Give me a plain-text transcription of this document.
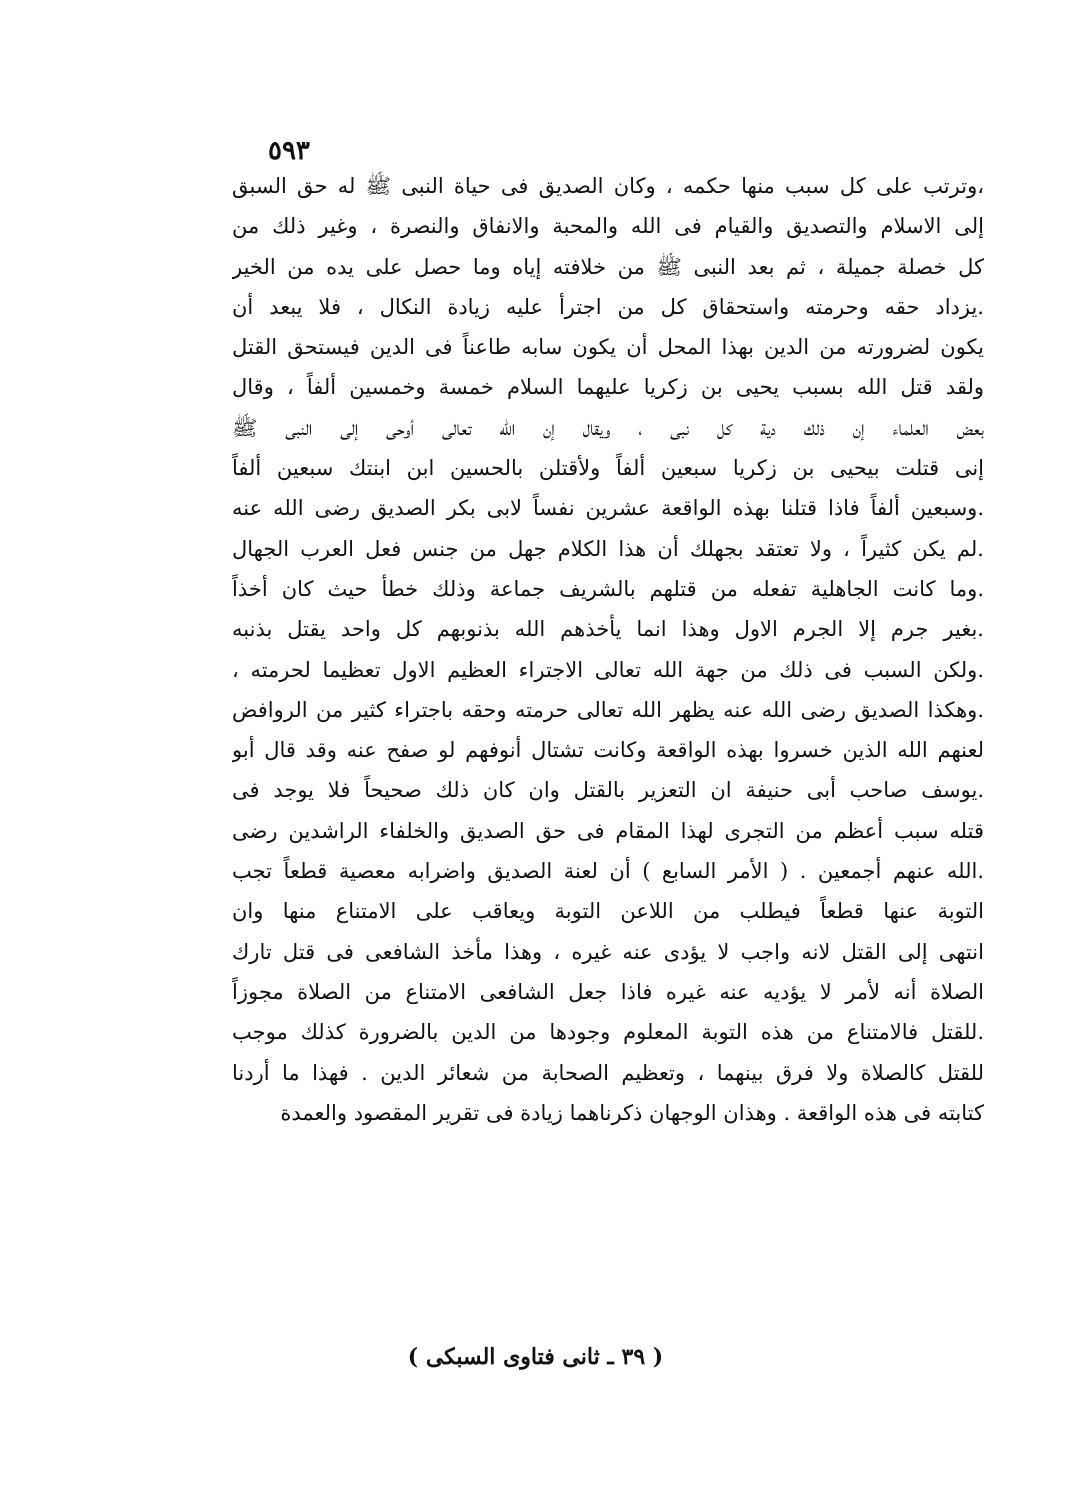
٥٩٣
،وترتب على كل سبب منها حكمه ، وكان الصديق فى حياة النبى ﷺ له حق السبق
إلى الاسلام والتصديق والقيام فى الله والمحبة والانفاق والنصرة ، وغير ذلك من
كل خصلة جميلة ، ثم بعد النبى ﷺ من خلافته إياه وما حصل على يده من الخير
.يزداد حقه وحرمته واستحقاق كل من اجترأ عليه زيادة النكال ، فلا يبعد أن
يكون لضرورته من الدين بهذا المحل أن يكون سابه طاعناً فى الدين فيستحق القتل
ولقد قتل الله بسبب يحيى بن زكريا عليهما السلام خمسة وخمسين ألفاً ، وقال
بعض العلماء إن ذلك دية كل نبى ، ويقال إن الله تعالى أوحى إلى النبى ﷺ
إنى قتلت بيحيى بن زكريا سبعين ألفاً ولأقتلن بالحسين ابن ابنتك سبعين ألفاً
.وسبعين ألفاً فاذا قتلنا بهذه الواقعة عشرين نفساً لابى بكر الصديق رضى الله عنه
.لم يكن كثيراً ، ولا تعتقد بجهلك أن هذا الكلام جهل من جنس فعل العرب الجهال
.وما كانت الجاهلية تفعله من قتلهم بالشريف جماعة وذلك خطأ حيث كان أخذاً
.بغير جرم إلا الجرم الاول وهذا انما يأخذهم الله بذنوبهم كل واحد يقتل بذنبه
.ولكن السبب فى ذلك من جهة الله تعالى الاجتراء العظيم الاول تعظيما لحرمته ،
.وهكذا الصديق رضى الله عنه يظهر الله تعالى حرمته وحقه باجتراء كثير من الروافض
لعنهم الله الذين خسروا بهذه الواقعة وكانت تشتال أنوفهم لو صفح عنه وقد قال أبو
.يوسف صاحب أبى حنيفة ان التعزير بالقتل وان كان ذلك صحيحاً فلا يوجد فى
قتله سبب أعظم من التجرى لهذا المقام فى حق الصديق والخلفاء الراشدين رضى
.الله عنهم أجمعين . ( الأمر السابع ) أن لعنة الصديق واضرابه معصية قطعاً تجب
التوبة عنها قطعاً فيطلب من اللاعن التوبة ويعاقب على الامتناع منها وان
انتهى إلى القتل لانه واجب لا يؤدى عنه غيره ، وهذا مأخذ الشافعى فى قتل تارك
الصلاة أنه لأمر لا يؤديه عنه غيره فاذا جعل الشافعى الامتناع من الصلاة مجوزاً
.للقتل فالامتناع من هذه التوبة المعلوم وجودها من الدين بالضرورة كذلك موجب
للقتل كالصلاة ولا فرق بينهما ، وتعظيم الصحابة من شعائر الدين . فهذا ما أردنا
كتابته فى هذه الواقعة . وهذان الوجهان ذكرناهما زيادة فى تقرير المقصود والعمدة
( ٣٩ ـ ثانى فتاوى السبكى )
